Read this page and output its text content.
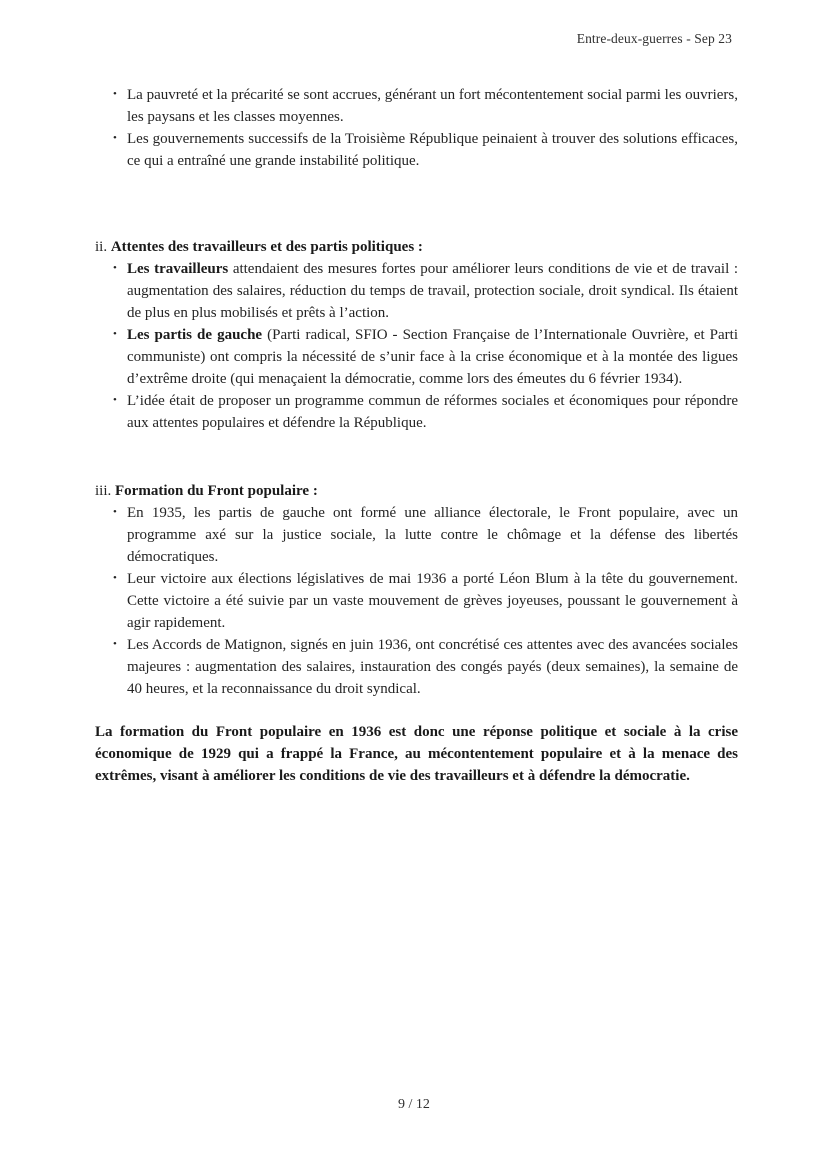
Entre-deux-guerres - Sep 23
• La pauvreté et la précarité se sont accrues, générant un fort mécontentement social parmi les ouvriers, les paysans et les classes moyennes.
• Les gouvernements successifs de la Troisième République peinaient à trouver des solutions efficaces, ce qui a entraîné une grande instabilité politique.
ii. Attentes des travailleurs et des partis politiques :
• Les travailleurs attendaient des mesures fortes pour améliorer leurs conditions de vie et de travail : augmentation des salaires, réduction du temps de travail, protection sociale, droit syndical. Ils étaient de plus en plus mobilisés et prêts à l’action.
• Les partis de gauche (Parti radical, SFIO - Section Française de l’Internationale Ouvrière, et Parti communiste) ont compris la nécessité de s’unir face à la crise économique et à la montée des ligues d’extrême droite (qui menaçaient la démocratie, comme lors des émeutes du 6 février 1934).
• L’idée était de proposer un programme commun de réformes sociales et économiques pour répondre aux attentes populaires et défendre la République.
iii. Formation du Front populaire :
• En 1935, les partis de gauche ont formé une alliance électorale, le Front populaire, avec un programme axé sur la justice sociale, la lutte contre le chômage et la défense des libertés démocratiques.
• Leur victoire aux élections législatives de mai 1936 a porté Léon Blum à la tête du gouvernement. Cette victoire a été suivie par un vaste mouvement de grèves joyeuses, poussant le gouvernement à agir rapidement.
• Les Accords de Matignon, signés en juin 1936, ont concrétisé ces attentes avec des avancées sociales majeures : augmentation des salaires, instauration des congés payés (deux semaines), la semaine de 40 heures, et la reconnaissance du droit syndical.

La formation du Front populaire en 1936 est donc une réponse politique et sociale à la crise économique de 1929 qui a frappé la France, au mécontentement populaire et à la menace des extrêmes, visant à améliorer les conditions de vie des travailleurs et à défendre la démocratie.

9 / 12
